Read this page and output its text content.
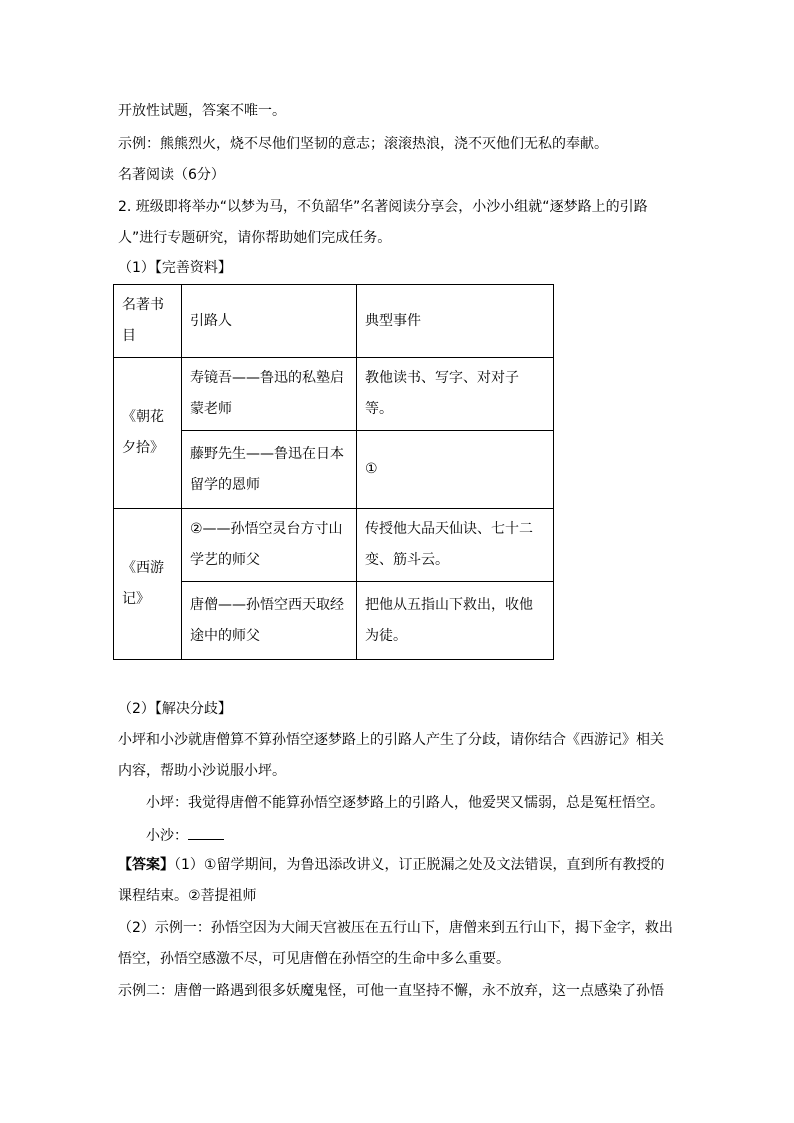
开放性试题，答案不唯一。
示例：熊熊烈火，烧不尽他们坚韧的意志；滚滚热浪，浇不灭他们无私的奉献。
名著阅读（6分）
2. 班级即将举办“以梦为马，不负韶华”名著阅读分享会，小沙小组就“逐梦路上的引路
人”进行专题研究，请你帮助她们完成任务。
（1）【完善资料】
名著书目	引路人	典型事件
《朝花夕拾》	寿镜吾——鲁迅的私塾启蒙老师	教他读书、写字、对对子等。
	藤野先生——鲁迅在日本留学的恩师	①
《西游记》	②——孙悟空灵台方寸山学艺的师父	传授他大品天仙诀、七十二变、筋斗云。
	唐僧——孙悟空西天取经途中的师父	把他从五指山下救出，收他为徒。
（2）【解决分歧】
小坪和小沙就唐僧算不算孙悟空逐梦路上的引路人产生了分歧，请你结合《西游记》相关
内容，帮助小沙说服小坪。
小坪：我觉得唐僧不能算孙悟空逐梦路上的引路人，他爱哭又懦弱，总是冤枉悟空。
小沙：
【答案】（1）①留学期间，为鲁迅添改讲义，订正脱漏之处及文法错误，直到所有教授的
课程结束。②菩提祖师
（2）示例一：孙悟空因为大闹天宫被压在五行山下，唐僧来到五行山下，揭下金字，救出
悟空，孙悟空感激不尽，可见唐僧在孙悟空的生命中多么重要。
示例二：唐僧一路遇到很多妖魔鬼怪，可他一直坚持不懈，永不放弃，这一点感染了孙悟
